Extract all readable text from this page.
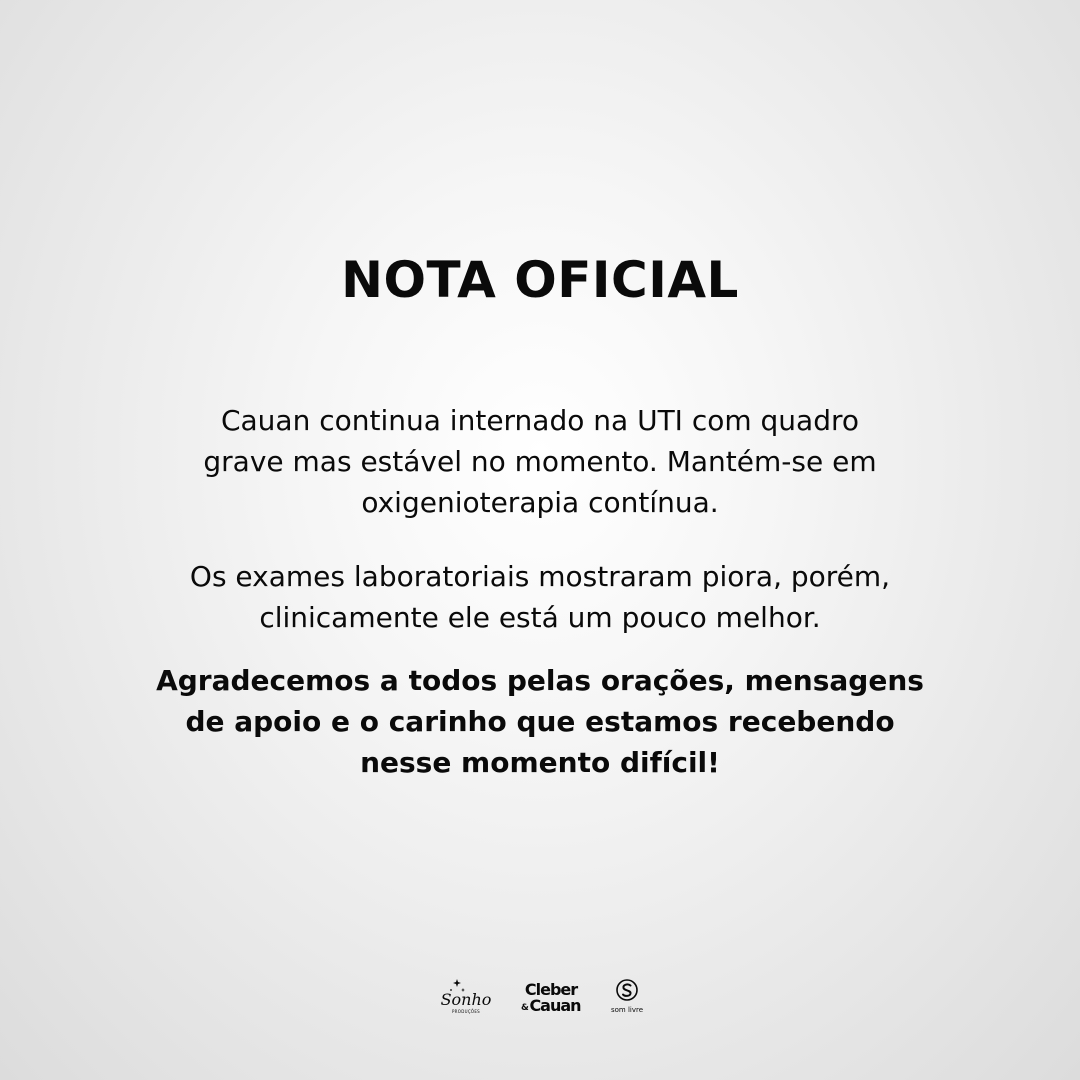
NOTA OFICIAL

Cauan continua internado na UTI com quadro
grave mas estável no momento. Mantém-se em
oxigenioterapia contínua.

Os exames laboratoriais mostraram piora, porém,
clinicamente ele está um pouco melhor.

Agradecemos a todos pelas orações, mensagens
de apoio e o carinho que estamos recebendo
nesse momento difícil!

Sonho
PRODUÇÕES
Cleber
& Cauan	som livre
